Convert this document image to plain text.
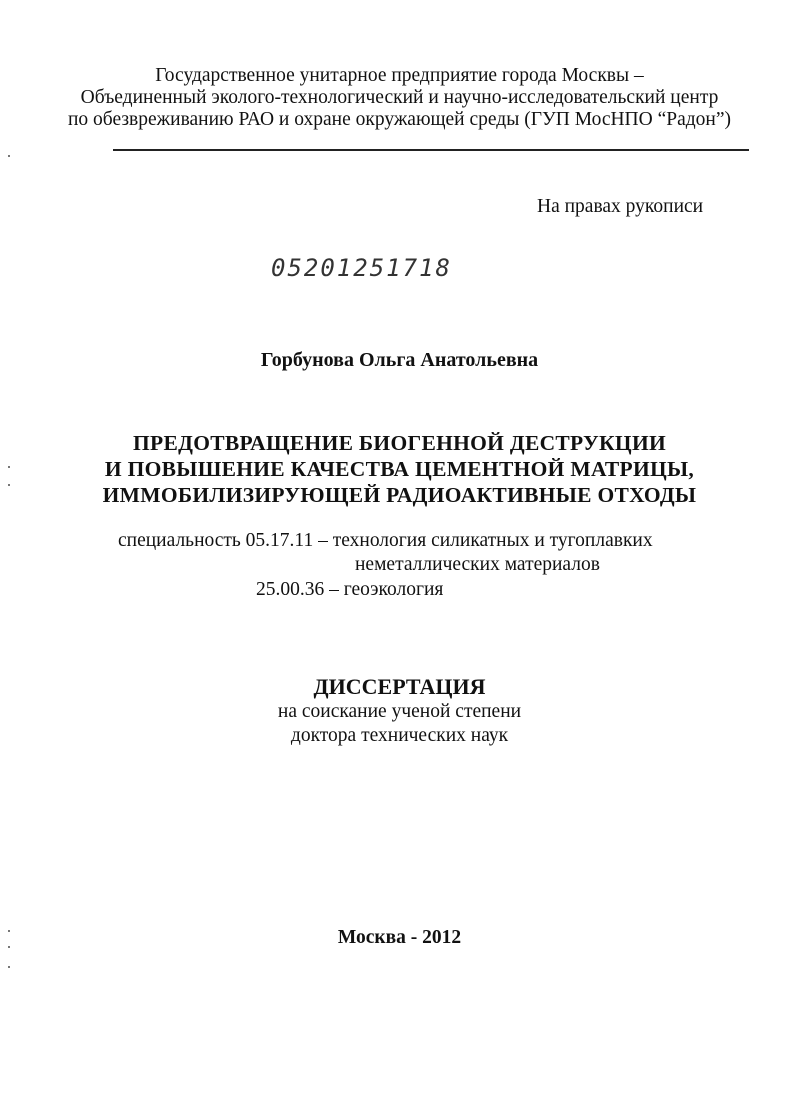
Государственное унитарное предприятие города Москвы –
Объединенный эколого-технологический и научно-исследовательский центр
по обезвреживанию РАО и охране окружающей среды (ГУП МосНПО “Радон”)
На правах рукописи
05201251718
Горбунова Ольга Анатольевна
ПРЕДОТВРАЩЕНИЕ БИОГЕННОЙ ДЕСТРУКЦИИ
И ПОВЫШЕНИЕ КАЧЕСТВА ЦЕМЕНТНОЙ МАТРИЦЫ,
ИММОБИЛИЗИРУЮЩЕЙ РАДИОАКТИВНЫЕ ОТХОДЫ
специальность 05.17.11 – технология силикатных и тугоплавких
неметаллических материалов
25.00.36 – геоэкология
ДИССЕРТАЦИЯ
на соискание ученой степени
доктора технических наук
Москва - 2012
